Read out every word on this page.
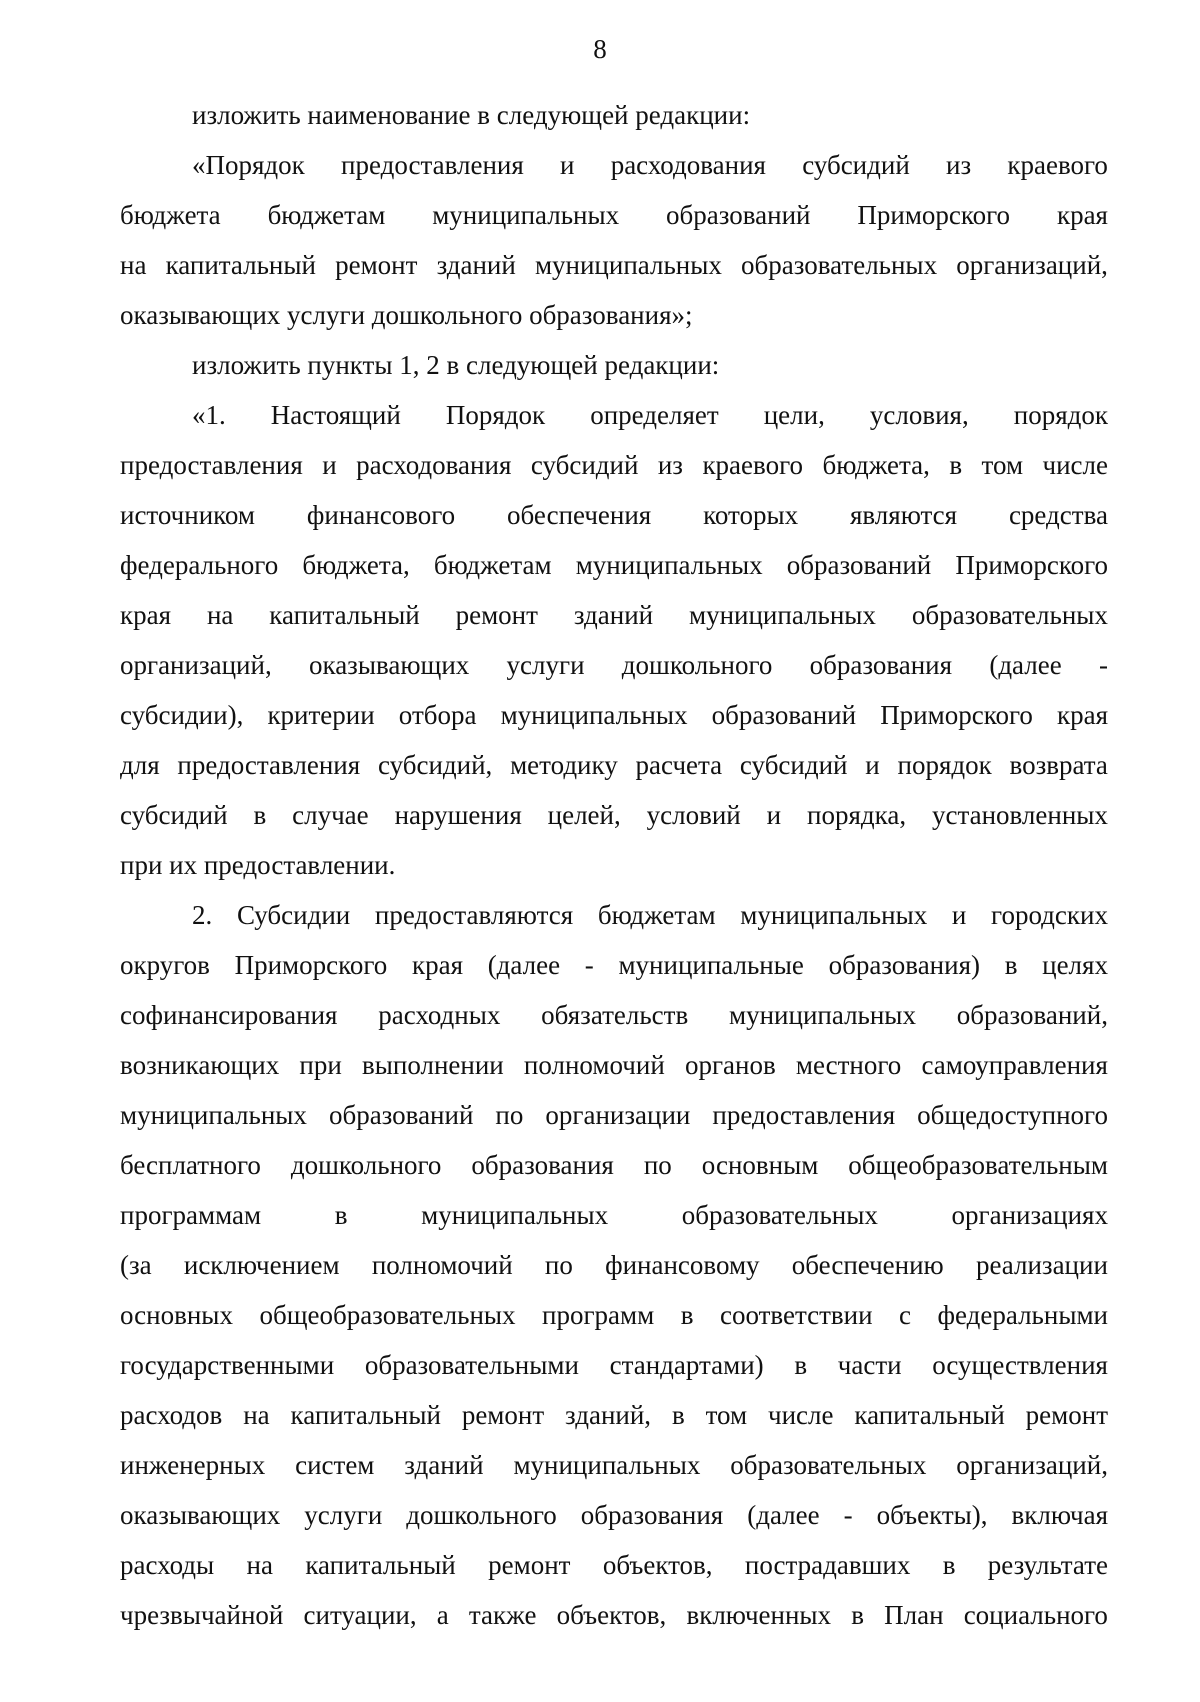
8
изложить наименование в следующей редакции:
«Порядок предоставления и расходования субсидий из краевого
бюджета бюджетам муниципальных образований Приморского края
на капитальный ремонт зданий муниципальных образовательных организаций,
оказывающих услуги дошкольного образования»;
изложить пункты 1, 2 в следующей редакции:
«1. Настоящий Порядок определяет цели, условия, порядок
предоставления и расходования субсидий из краевого бюджета, в том числе
источником финансового обеспечения которых являются средства
федерального бюджета, бюджетам муниципальных образований Приморского
края на капитальный ремонт зданий муниципальных образовательных
организаций, оказывающих услуги дошкольного образования (далее -
субсидии), критерии отбора муниципальных образований Приморского края
для предоставления субсидий, методику расчета субсидий и порядок возврата
субсидий в случае нарушения целей, условий и порядка, установленных
при их предоставлении.
2. Субсидии предоставляются бюджетам муниципальных и городских
округов Приморского края (далее - муниципальные образования) в целях
софинансирования расходных обязательств муниципальных образований,
возникающих при выполнении полномочий органов местного самоуправления
муниципальных образований по организации предоставления общедоступного
бесплатного дошкольного образования по основным общеобразовательным
программам	в	муниципальных	образовательных	организациях
(за исключением полномочий по финансовому обеспечению реализации
основных общеобразовательных программ в соответствии с федеральными
государственными образовательными стандартами) в части осуществления
расходов на капитальный ремонт зданий, в том числе капитальный ремонт
инженерных систем зданий муниципальных образовательных организаций,
оказывающих услуги дошкольного образования (далее - объекты), включая
расходы на капитальный ремонт объектов, пострадавших в результате
чрезвычайной ситуации, а также объектов, включенных в План социального
